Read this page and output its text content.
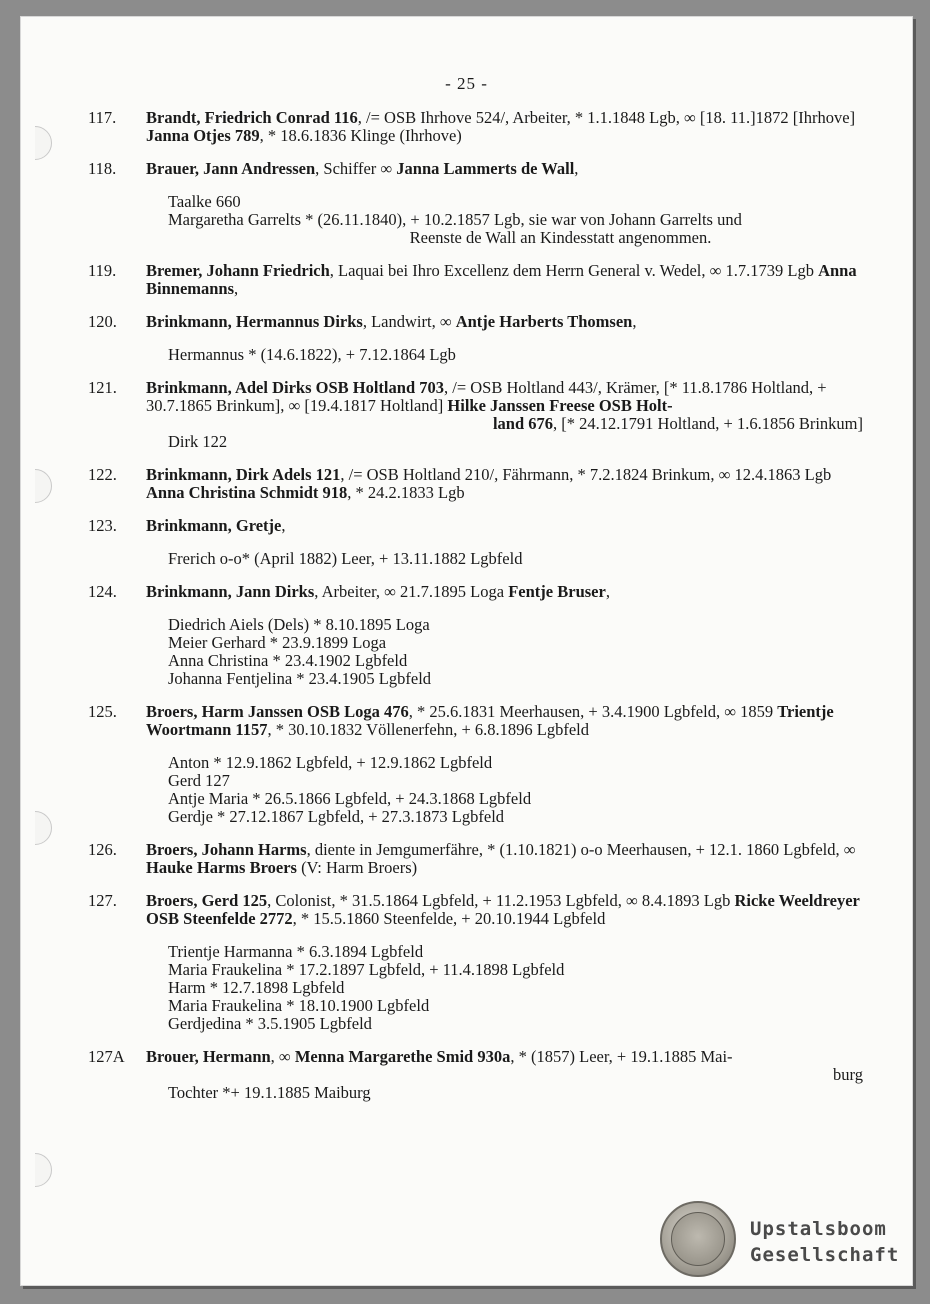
- 25 -
117.	Brandt, Friedrich Conrad 116, /= OSB Ihrhove 524/, Arbeiter, * 1.1.1848 Lgb, ∞ [18. 11.]1872 [Ihrhove] Janna Otjes 789, * 18.6.1836 Klinge (Ihrhove)

118.	Brauer, Jann Andressen, Schiffer ∞ Janna Lammerts de Wall,

Taalke 660

Margaretha Garrelts * (26.11.1840), + 10.2.1857 Lgb, sie war von Johann Garrelts und

Reenste de Wall an Kindesstatt angenommen.

119.	Bremer, Johann Friedrich, Laquai bei Ihro Excellenz dem Herrn General v. Wedel, ∞ 1.7.1739 Lgb Anna Binnemanns,

120.	Brinkmann, Hermannus Dirks, Landwirt, ∞ Antje Harberts Thomsen,

Hermannus * (14.6.1822), + 7.12.1864 Lgb

121.	Brinkmann, Adel Dirks OSB Holtland 703, /= OSB Holtland 443/, Krämer, [* 11.8.1786 Holtland, + 30.7.1865 Brinkum], ∞ [19.4.1817 Holtland] Hilke Janssen Freese OSB Holt-

land 676, [* 24.12.1791 Holtland, + 1.6.1856 Brinkum]

Dirk 122

122.	Brinkmann, Dirk Adels 121, /= OSB Holtland 210/, Fährmann, * 7.2.1824 Brinkum, ∞ 12.4.1863 Lgb Anna Christina Schmidt 918, * 24.2.1833 Lgb

123.	Brinkmann, Gretje,

Frerich o-o* (April 1882) Leer, + 13.11.1882 Lgbfeld

124.	Brinkmann, Jann Dirks, Arbeiter, ∞ 21.7.1895 Loga Fentje Bruser,

Diedrich Aiels (Dels) * 8.10.1895 Loga

Meier Gerhard * 23.9.1899 Loga

Anna Christina * 23.4.1902 Lgbfeld

Johanna Fentjelina * 23.4.1905 Lgbfeld

125.	Broers, Harm Janssen OSB Loga 476, * 25.6.1831 Meerhausen, + 3.4.1900 Lgbfeld, ∞ 1859 Trientje Woortmann 1157, * 30.10.1832 Völlenerfehn, + 6.8.1896 Lgbfeld

Anton * 12.9.1862 Lgbfeld, + 12.9.1862 Lgbfeld

Gerd 127

Antje Maria * 26.5.1866 Lgbfeld, + 24.3.1868 Lgbfeld

Gerdje * 27.12.1867 Lgbfeld, + 27.3.1873 Lgbfeld

126.	Broers, Johann Harms, diente in Jemgumerfähre, * (1.10.1821) o-o Meerhausen, + 12.1. 1860 Lgbfeld, ∞ Hauke Harms Broers (V: Harm Broers)

127.	Broers, Gerd 125, Colonist, * 31.5.1864 Lgbfeld, + 11.2.1953 Lgbfeld, ∞ 8.4.1893 Lgb Ricke Weeldreyer OSB Steenfelde 2772, * 15.5.1860 Steenfelde, + 20.10.1944 Lgbfeld

Trientje Harmanna * 6.3.1894 Lgbfeld

Maria Fraukelina * 17.2.1897 Lgbfeld, + 11.4.1898 Lgbfeld

Harm * 12.7.1898 Lgbfeld

Maria Fraukelina * 18.10.1900 Lgbfeld

Gerdjedina * 3.5.1905 Lgbfeld

127A	Brouer, Hermann, ∞ Menna Margarethe Smid 930a, * (1857) Leer, + 19.1.1885 Mai-

burg

Tochter *+ 19.1.1885 Maiburg

Upstalsboom
Gesellschaft
